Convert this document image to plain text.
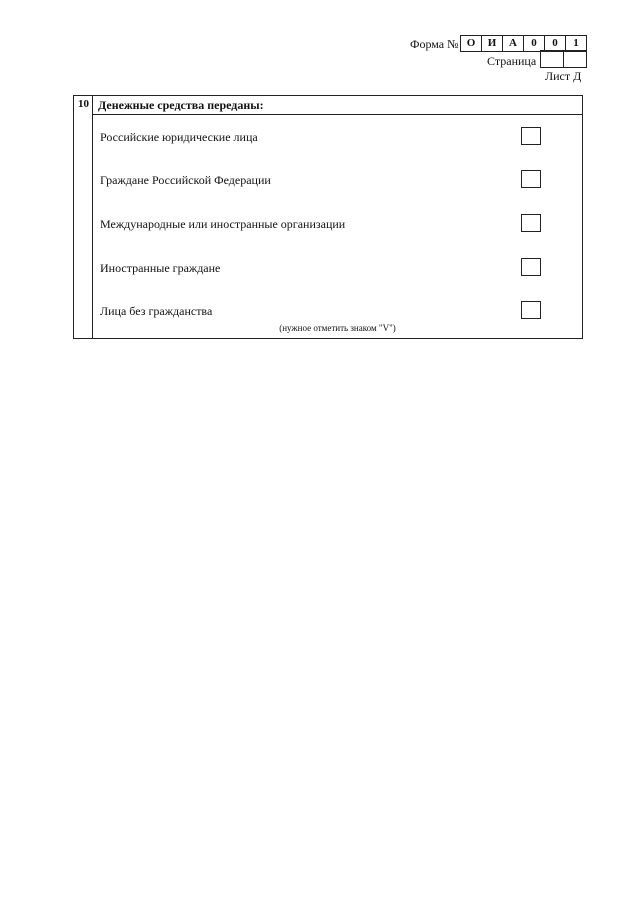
Форма № О	И	А	0	0	1
Страница
Лист Д
10 Денежные средства переданы:
Российские юридические лица
Граждане Российской Федерации
Международные или иностранные организации
Иностранные граждане
Лица без гражданства
(нужное отметить знаком "V")
